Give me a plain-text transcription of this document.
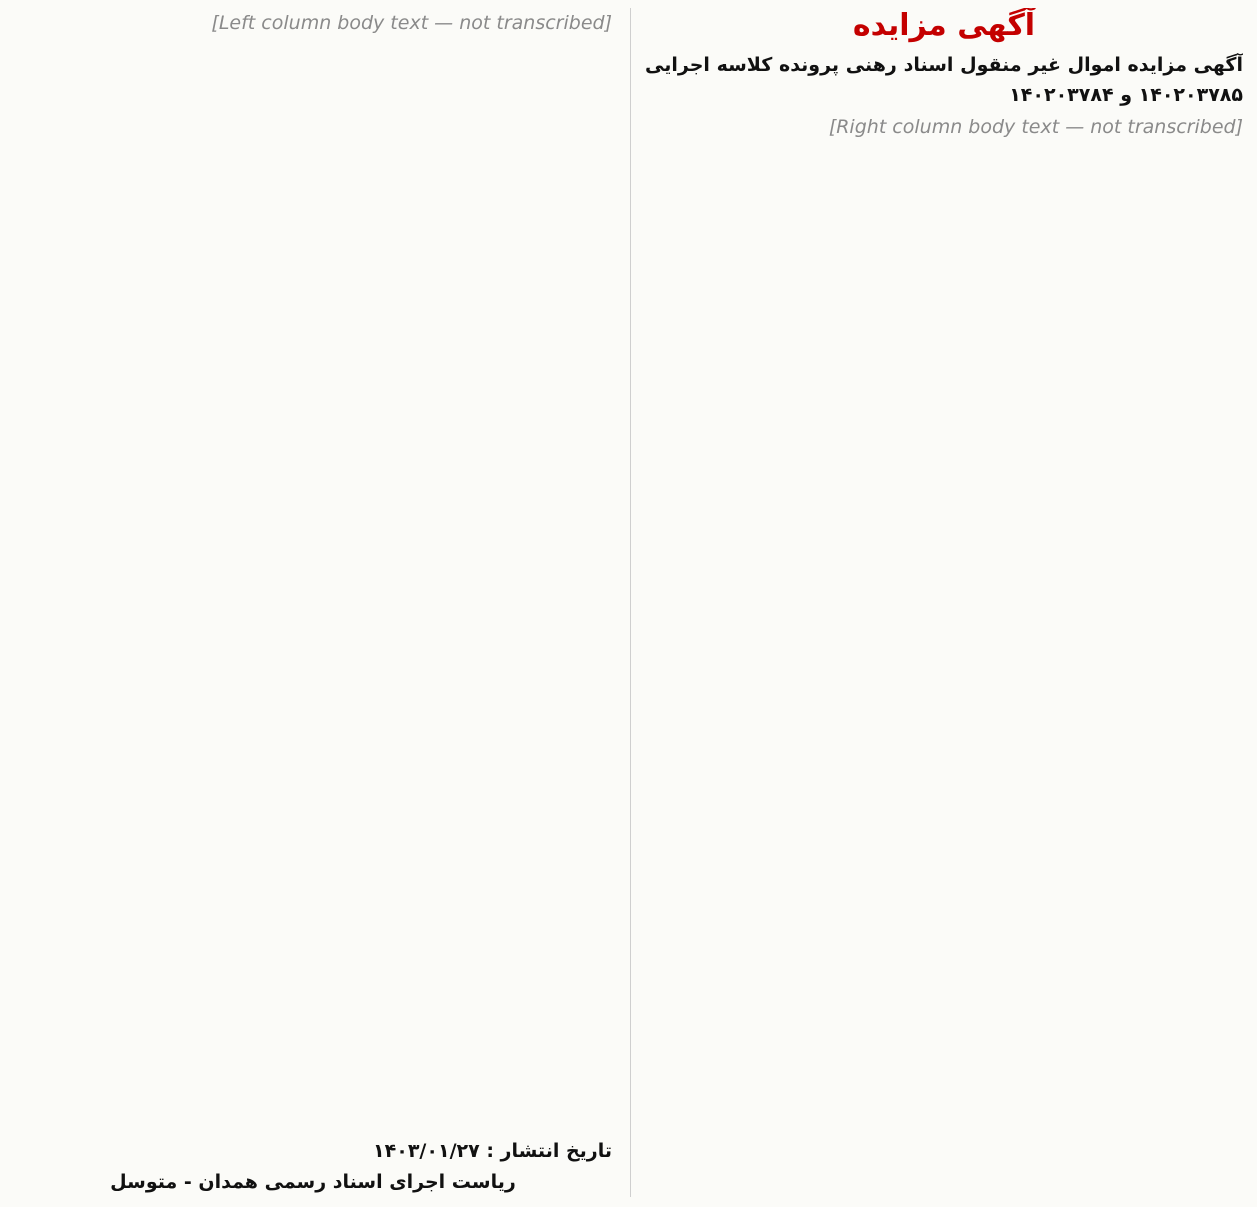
آگهی مزایده

آگهی مزایده اموال غیر منقول اسناد رهنی پرونده کلاسه اجرایی ۱۴۰۲۰۳۷۸۵ و ۱۴۰۲۰۳۷۸۴

[Right column body text — not transcribed]

[Left column body text — not transcribed]

تاریخ انتشار : ۱۴۰۳/۰۱/۲۷
ریاست اجرای اسناد رسمی همدان - متوسل
